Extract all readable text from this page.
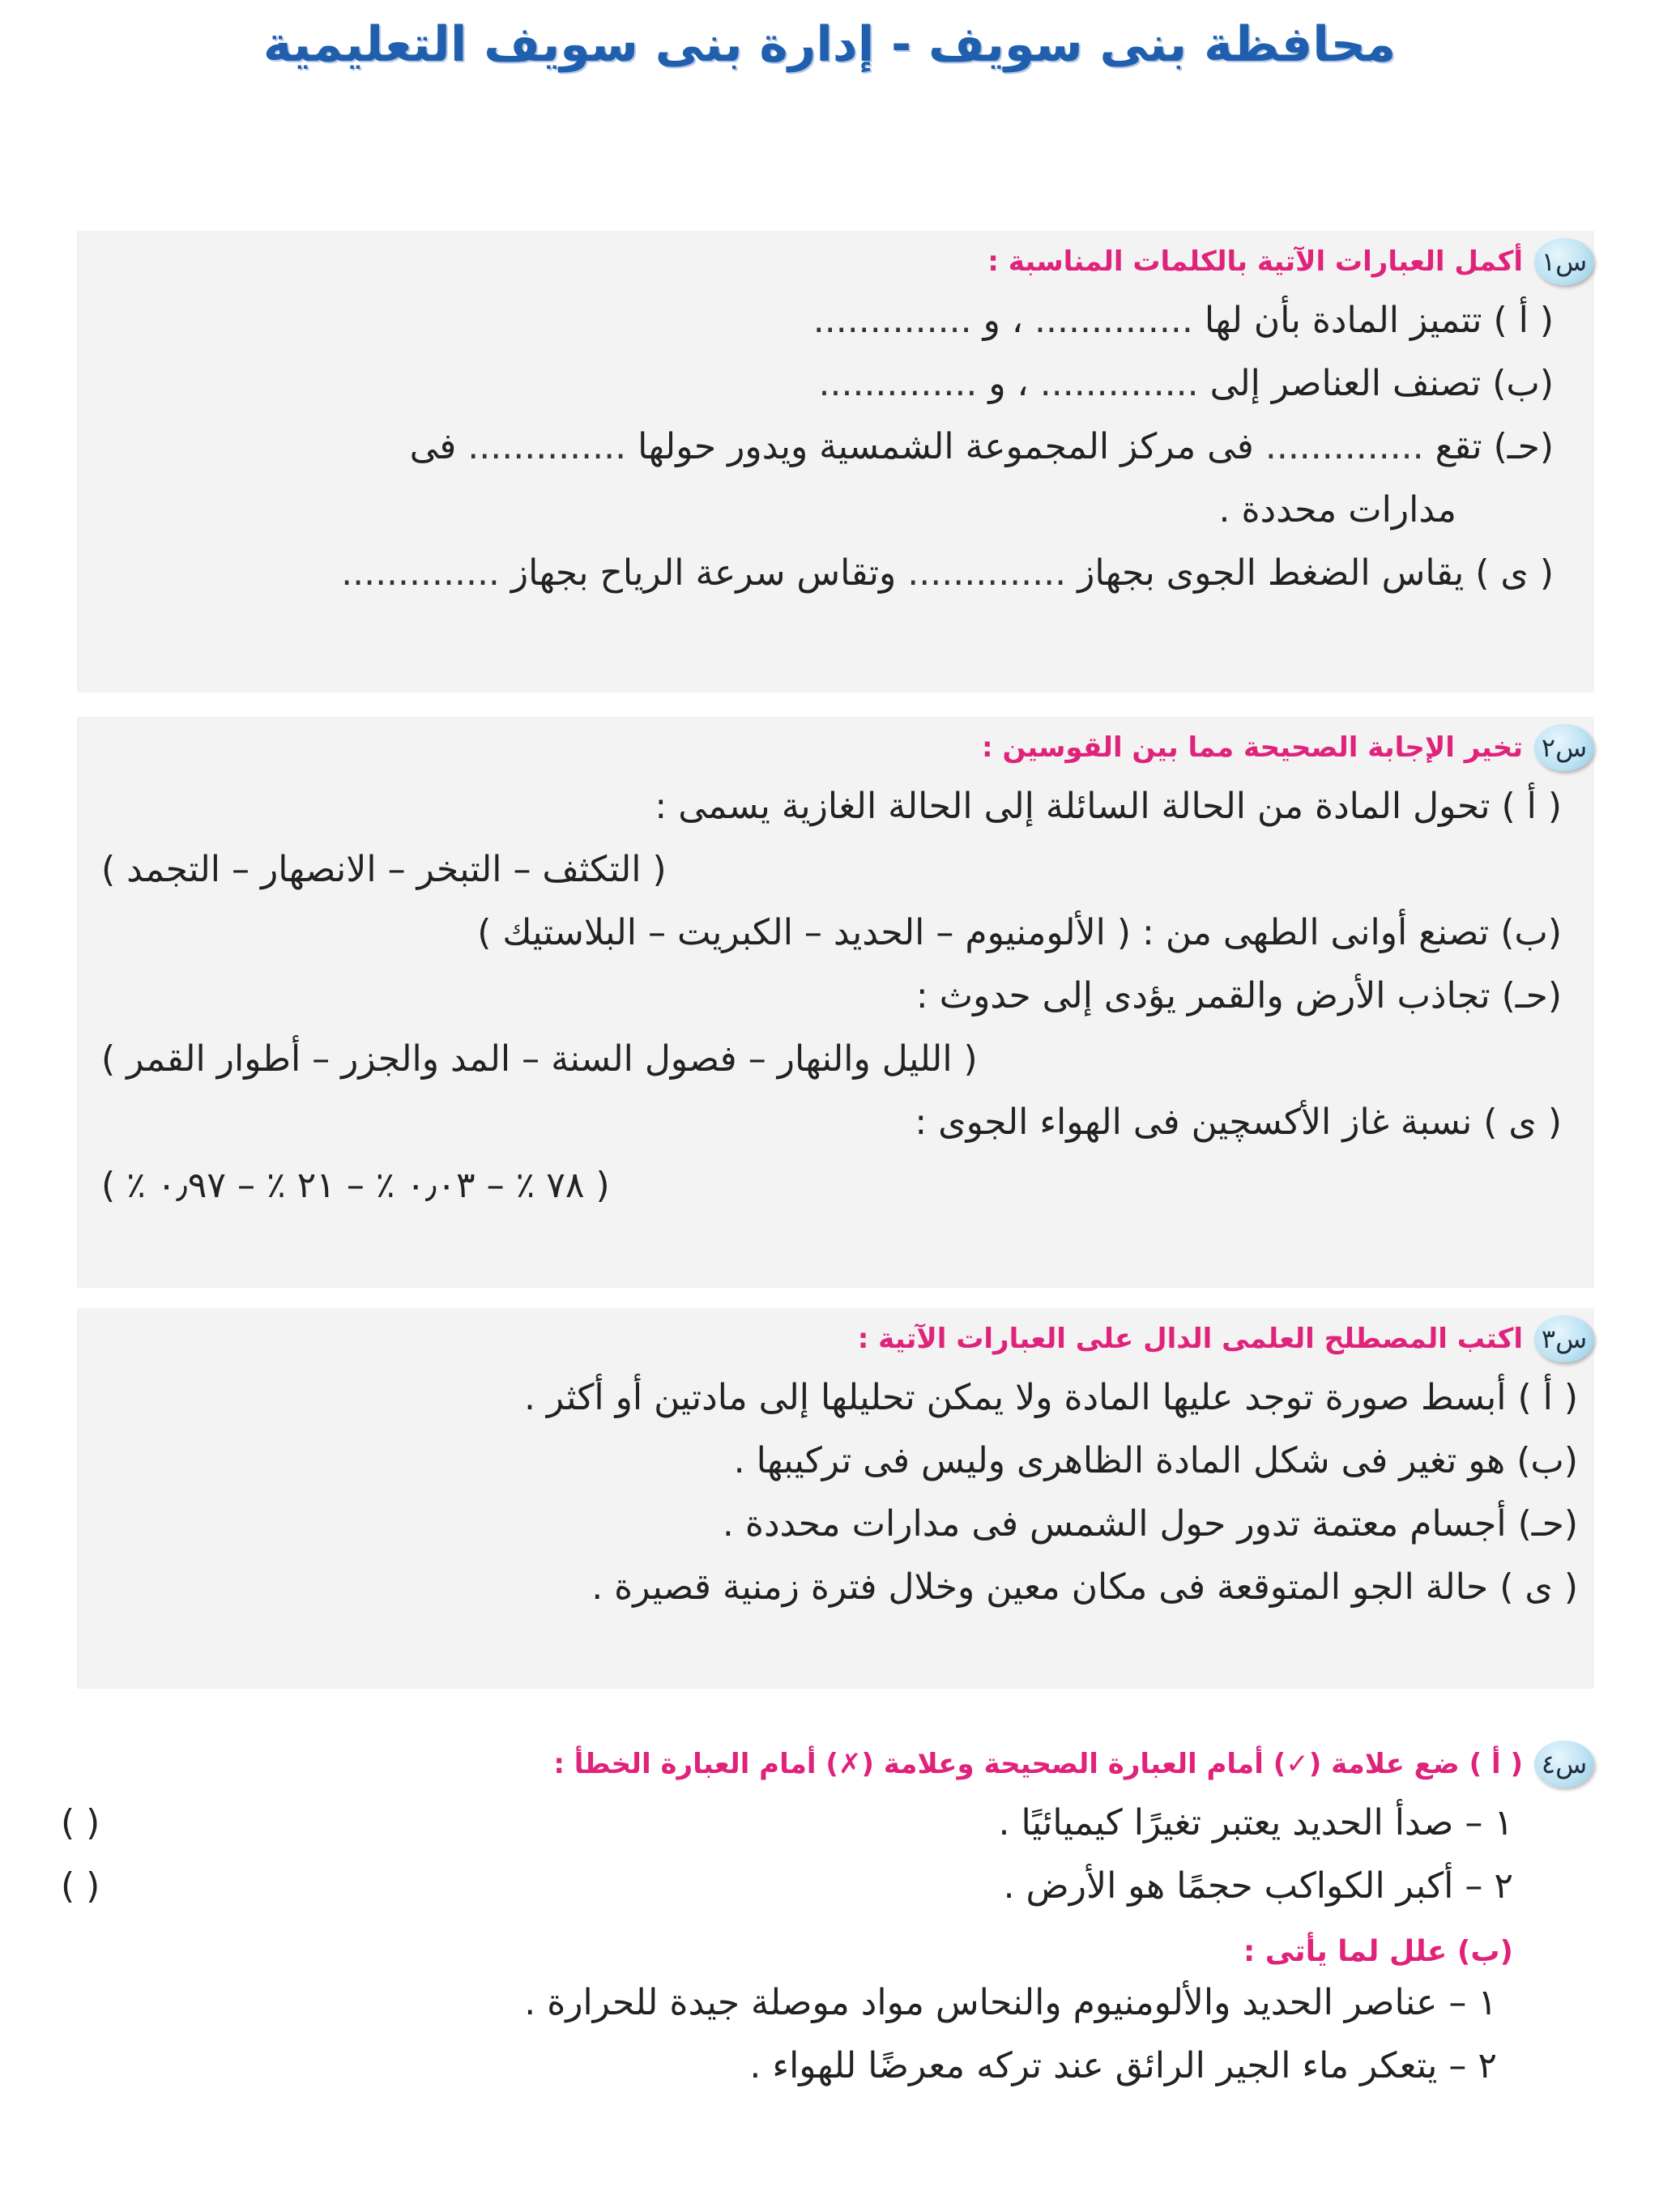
محافظة بنى سويف - إدارة بنى سويف التعليمية
س١
أكمل العبارات الآتية بالكلمات المناسبة :
( أ ) تتميز المادة بأن لها .............. ، و ..............
(ب) تصنف العناصر إلى .............. ، و ..............
(حـ) تقع .............. فى مركز المجموعة الشمسية ويدور حولها .............. فى
مدارات محددة .
( ى ) يقاس الضغط الجوى بجهاز .............. وتقاس سرعة الرياح بجهاز ..............
س٢
تخير الإجابة الصحيحة مما بين القوسين :
( أ ) تحول المادة من الحالة السائلة إلى الحالة الغازية يسمى :
( التكثف – التبخر – الانصهار – التجمد )
(ب) تصنع أوانى الطهى من : ( الألومنيوم – الحديد – الكبريت – البلاستيك )
(حـ) تجاذب الأرض والقمر يؤدى إلى حدوث :
( الليل والنهار – فصول السنة – المد والجزر – أطوار القمر )
( ى ) نسبة غاز الأكسچين فى الهواء الجوى :
( ٧٨ ٪ – ٠٫٠٣ ٪ – ٢١ ٪ – ٠٫٩٧ ٪ )
س٣
اكتب المصطلح العلمى الدال على العبارات الآتية :
( أ ) أبسط صورة توجد عليها المادة ولا يمكن تحليلها إلى مادتين أو أكثر .
(ب) هو تغير فى شكل المادة الظاهرى وليس فى تركيبها .
(حـ) أجسام معتمة تدور حول الشمس فى مدارات محددة .
( ى ) حالة الجو المتوقعة فى مكان معين وخلال فترة زمنية قصيرة .
س٤
( أ ) ضع علامة (✓) أمام العبارة الصحيحة وعلامة (✗) أمام العبارة الخطأ :
١ – صدأ الحديد يعتبر تغيرًا كيميائيًا .
( )
٢ – أكبر الكواكب حجمًا هو الأرض .
( )
(ب) علل لما يأتى :
١ – عناصر الحديد والألومنيوم والنحاس مواد موصلة جيدة للحرارة .
٢ – يتعكر ماء الجير الرائق عند تركه معرضًا للهواء .
